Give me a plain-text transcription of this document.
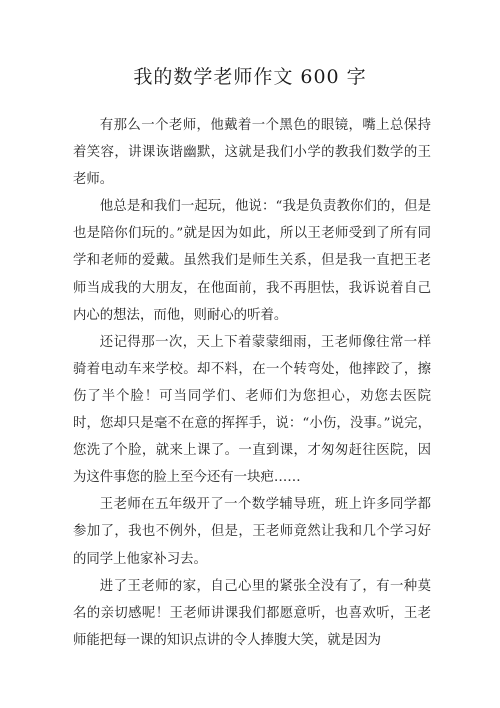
我的数学老师作文 600 字

有那么一个老师，他戴着一个黑色的眼镜，嘴上总保持着笑容，讲课诙谐幽默，这就是我们小学的教我们数学的王老师。

他总是和我们一起玩，他说：“我是负责教你们的，但是也是陪你们玩的。”就是因为如此，所以王老师受到了所有同学和老师的爱戴。虽然我们是师生关系，但是我一直把王老师当成我的大朋友，在他面前，我不再胆怯，我诉说着自己内心的想法，而他，则耐心的听着。

还记得那一次，天上下着蒙蒙细雨，王老师像往常一样骑着电动车来学校。却不料，在一个转弯处，他摔跤了，擦伤了半个脸！可当同学们、老师们为您担心，劝您去医院时，您却只是毫不在意的挥挥手，说：“小伤，没事。”说完，您洗了个脸，就来上课了。一直到课，才匆匆赶往医院，因为这件事您的脸上至今还有一块疤……

王老师在五年级开了一个数学辅导班，班上许多同学都参加了，我也不例外，但是，王老师竟然让我和几个学习好的同学上他家补习去。

进了王老师的家，自己心里的紧张全没有了，有一种莫名的亲切感呢！王老师讲课我们都愿意听，也喜欢听，王老师能把每一课的知识点讲的令人捧腹大笑，就是因为
